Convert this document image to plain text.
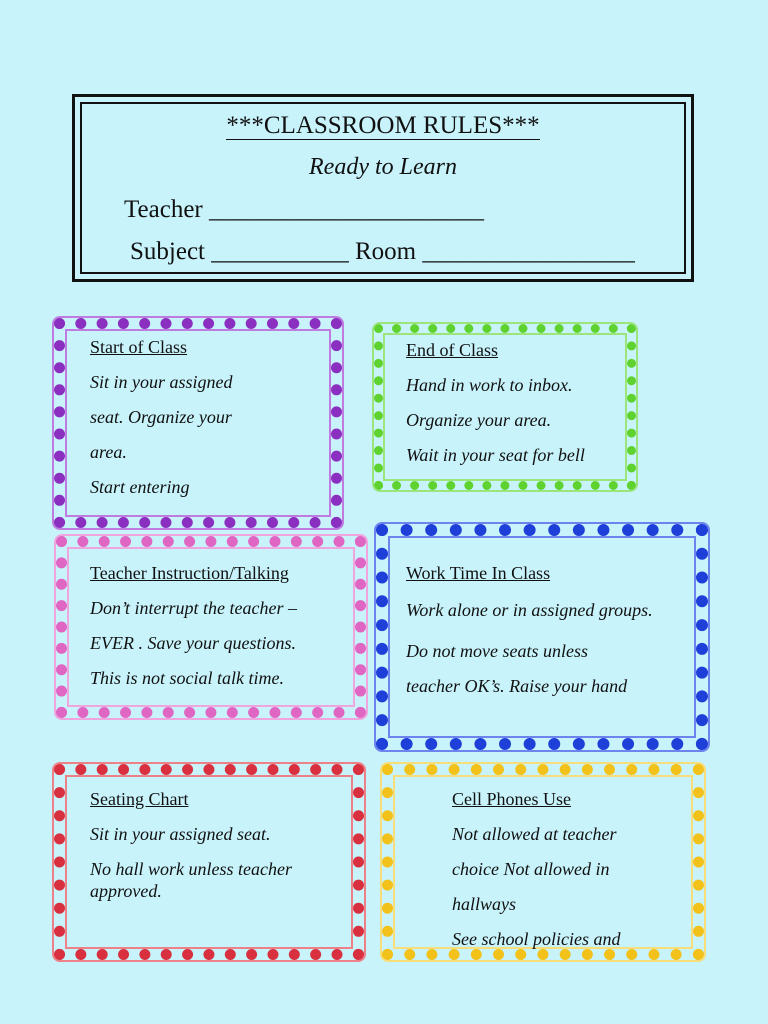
***CLASSROOM RULES***
Ready to Learn
Teacher ______________________
Subject ___________ Room _________________
Start of Class
Sit in your assigned
seat. Organize your
area.
Start entering
End of Class
Hand in work to inbox.
Organize your area.
Wait in your seat for bell
Teacher Instruction/Talking
Don’t interrupt the teacher –
EVER . Save your questions.
This is not social talk time.
Work Time In Class
Work alone or in assigned groups.
Do not move seats unless
teacher OK’s. Raise your hand
Seating Chart
Sit in your assigned seat.
No hall work unless teacher approved.
Cell Phones Use
Not allowed at teacher
choice Not allowed in
hallways
See school policies and
